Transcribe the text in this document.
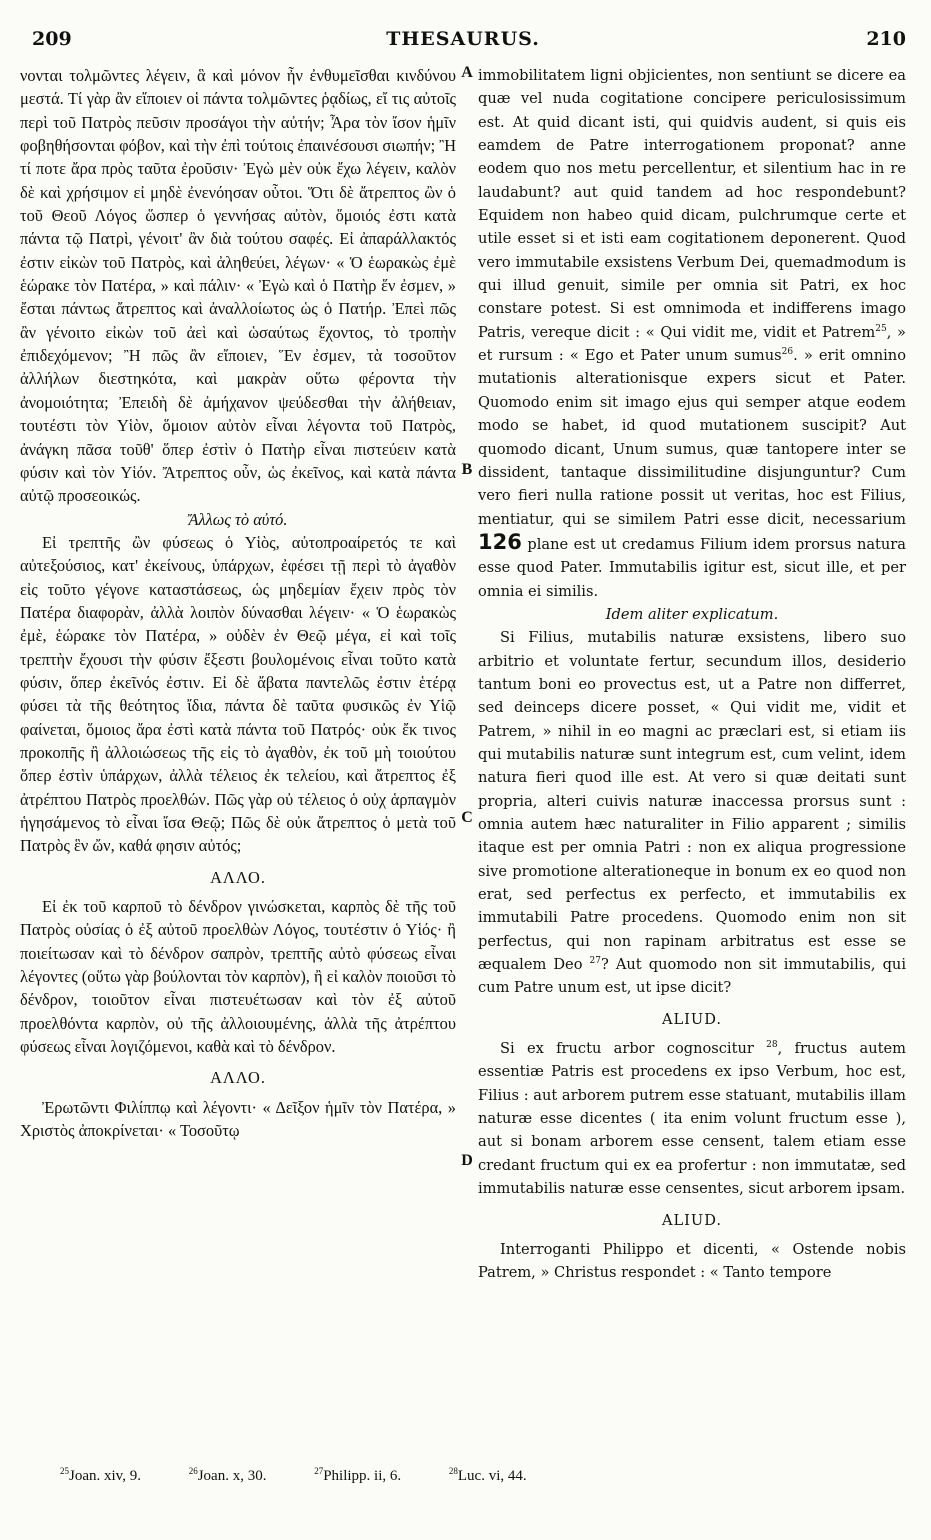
209	THESAURUS.	210
A
B
C
D

νονται τολμῶντες λέγειν, ἃ καὶ μόνον ἦν ἐνθυμεῖσθαι κινδύνου μεστά. Τί γὰρ ἂν εἴποιεν οἱ πάντα τολμῶντες ῥᾳδίως, εἴ τις αὐτοῖς περὶ τοῦ Πατρὸς πεῦσιν προσάγοι τὴν αὐτήν; Ἆρα τὸν ἴσον ἡμῖν φοβηθήσονται φόβον, καὶ τὴν ἐπὶ τούτοις ἐπαινέσουσι σιωπήν; Ἢ τί ποτε ἄρα πρὸς ταῦτα ἐροῦσιν· Ἐγὼ μὲν οὐκ ἔχω λέγειν, καλὸν δὲ καὶ χρήσιμον εἰ μηδὲ ἐνενόησαν οὗτοι. Ὅτι δὲ ἄτρεπτος ὢν ὁ τοῦ Θεοῦ Λόγος ὥσπερ ὁ γεννήσας αὐτὸν, ὅμοιός ἐστι κατὰ πάντα τῷ Πατρὶ, γένοιτ' ἂν διὰ τούτου σαφές. Εἰ ἀπαράλλακτός ἐστιν εἰκὼν τοῦ Πατρὸς, καὶ ἀληθεύει, λέγων· « Ὁ ἑωρακὼς ἐμὲ ἑώρακε τὸν Πατέρα, » καὶ πάλιν· « Ἐγὼ καὶ ὁ Πατὴρ ἕν ἐσμεν, » ἔσται πάντως ἄτρεπτος καὶ ἀναλλοίωτος ὡς ὁ Πατήρ. Ἐπεὶ πῶς ἂν γένοιτο εἰκὼν τοῦ ἀεὶ καὶ ὡσαύτως ἔχοντος, τὸ τροπὴν ἐπιδεχόμενον; Ἢ πῶς ἂν εἴποιεν, Ἕν ἐσμεν, τὰ τοσοῦτον ἀλλήλων διεστηκότα, καὶ μακρὰν οὕτω φέροντα τὴν ἀνομοιότητα; Ἐπειδὴ δὲ ἀμήχανον ψεύδεσθαι τὴν ἀλήθειαν, τουτέστι τὸν Υἱὸν, ὅμοιον αὐτὸν εἶναι λέγοντα τοῦ Πατρὸς, ἀνάγκη πᾶσα τοῦθ' ὅπερ ἐστὶν ὁ Πατὴρ εἶναι πιστεύειν κατὰ φύσιν καὶ τὸν Υἱόν. Ἄτρεπτος οὖν, ὡς ἐκεῖνος, καὶ κατὰ πάντα αὐτῷ προσεοικώς.

Ἄλλως τὸ αὐτό.

Εἰ τρεπτῆς ὢν φύσεως ὁ Υἱὸς, αὐτοπροαίρετός τε καὶ αὐτεξούσιος, κατ' ἐκείνους, ὑπάρχων, ἐφέσει τῇ περὶ τὸ ἀγαθὸν εἰς τοῦτο γέγονε καταστάσεως, ὡς μηδεμίαν ἔχειν πρὸς τὸν Πατέρα διαφορὰν, ἀλλὰ λοιπὸν δύνασθαι λέγειν· « Ὁ ἑωρακὼς ἐμὲ, ἑώρακε τὸν Πατέρα, » οὐδὲν ἐν Θεῷ μέγα, εἰ καὶ τοῖς τρεπτὴν ἔχουσι τὴν φύσιν ἔξεστι βουλομένοις εἶναι τοῦτο κατὰ φύσιν, ὅπερ ἐκεῖνός ἐστιν. Εἰ δὲ ἄβατα παντελῶς ἐστιν ἑτέρᾳ φύσει τὰ τῆς θεότητος ἴδια, πάντα δὲ ταῦτα φυσικῶς ἐν Υἱῷ φαίνεται, ὅμοιος ἄρα ἐστὶ κατὰ πάντα τοῦ Πατρός· οὐκ ἔκ τινος προκοπῆς ἢ ἀλλοιώσεως τῆς εἰς τὸ ἀγαθὸν, ἐκ τοῦ μὴ τοιούτου ὅπερ ἐστὶν ὑπάρχων, ἀλλὰ τέλειος ἐκ τελείου, καὶ ἄτρεπτος ἐξ ἀτρέπτου Πατρὸς προελθών. Πῶς γὰρ οὐ τέλειος ὁ οὐχ ἁρπαγμὸν ἡγησάμενος τὸ εἶναι ἴσα Θεῷ; Πῶς δὲ οὐκ ἄτρεπτος ὁ μετὰ τοῦ Πατρὸς ἓν ὤν, καθά φησιν αὐτός;

ΑΛΛΟ.

Εἰ ἐκ τοῦ καρποῦ τὸ δένδρον γινώσκεται, καρπὸς δὲ τῆς τοῦ Πατρὸς οὐσίας ὁ ἐξ αὐτοῦ προελθὼν Λόγος, τουτέστιν ὁ Υἱός· ἢ ποιείτωσαν καὶ τὸ δένδρον σαπρὸν, τρεπτῆς αὐτὸ φύσεως εἶναι λέγοντες (οὕτω γὰρ βούλονται τὸν καρπὸν), ἢ εἰ καλὸν ποιοῦσι τὸ δένδρον, τοιοῦτον εἶναι πιστευέτωσαν καὶ τὸν ἐξ αὐτοῦ προελθόντα καρπὸν, οὐ τῆς ἀλλοιουμένης, ἀλλὰ τῆς ἀτρέπτου φύσεως εἶναι λογιζόμενοι, καθὰ καὶ τὸ δένδρον.

ΑΛΛΟ.

Ἐρωτῶντι Φιλίππῳ καὶ λέγοντι· « Δεῖξον ἡμῖν τὸν Πατέρα, » Χριστὸς ἀποκρίνεται· « Τοσοῦτῳ

immobilitatem ligni objicientes, non sentiunt se dicere ea quæ vel nuda cogitatione concipere periculosissimum est. At quid dicant isti, qui quidvis audent, si quis eis eamdem de Patre interrogationem proponat? anne eodem quo nos metu percellentur, et silentium hac in re laudabunt? aut quid tandem ad hoc respondebunt? Equidem non habeo quid dicam, pulchrumque certe et utile esset si et isti eam cogitationem deponerent. Quod vero immutabile exsistens Verbum Dei, quemadmodum is qui illud genuit, simile per omnia sit Patri, ex hoc constare potest. Si est omnimoda et indifferens imago Patris, vereque dicit : « Qui vidit me, vidit et Patrem$^{25}$, » et rursum : « Ego et Pater unum sumus$^{26}$. » erit omnino mutationis alterationisque expers sicut et Pater. Quomodo enim sit imago ejus qui semper atque eodem modo se habet, id quod mutationem suscipit? Aut quomodo dicant, Unum sumus, quæ tantopere inter se dissident, tantaque dissimilitudine disjunguntur? Cum vero fieri nulla ratione possit ut veritas, hoc est Filius, mentiatur, qui se similem Patri esse dicit, necessarium 126 plane est ut credamus Filium idem prorsus natura esse quod Pater. Immutabilis igitur est, sicut ille, et per omnia ei similis.

Idem aliter explicatum.

Si Filius, mutabilis naturæ exsistens, libero suo arbitrio et voluntate fertur, secundum illos, desiderio tantum boni eo provectus est, ut a Patre non differret, sed deinceps dicere posset, « Qui vidit me, vidit et Patrem, » nihil in eo magni ac præclari est, si etiam iis qui mutabilis naturæ sunt integrum est, cum velint, idem natura fieri quod ille est. At vero si quæ deitati sunt propria, alteri cuivis naturæ inaccessa prorsus sunt : omnia autem hæc naturaliter in Filio apparent ; similis itaque est per omnia Patri : non ex aliqua progressione sive promotione alterationeque in bonum ex eo quod non erat, sed perfectus ex perfecto, et immutabilis ex immutabili Patre procedens. Quomodo enim non sit perfectus, qui non rapinam arbitratus est esse se æqualem Deo $^{27}$? Aut quomodo non sit immutabilis, qui cum Patre unum est, ut ipse dicit?

ALIUD.

Si ex fructu arbor cognoscitur $^{28}$, fructus autem essentiæ Patris est procedens ex ipso Verbum, hoc est, Filius : aut arborem putrem esse statuant, mutabilis illam naturæ esse dicentes ( ita enim volunt fructum esse ), aut si bonam arborem esse censent, talem etiam esse credant fructum qui ex ea profertur : non immutatæ, sed immutabilis naturæ esse censentes, sicut arborem ipsam.

ALIUD.

Interroganti Philippo et dicenti, « Ostende nobis Patrem, » Christus respondet : « Tanto tempore

$^{25}$Joan. xiv, 9.	$^{26}$Joan. x, 30.	$^{27}$Philipp. ii, 6.	$^{28}$Luc. vi, 44.
